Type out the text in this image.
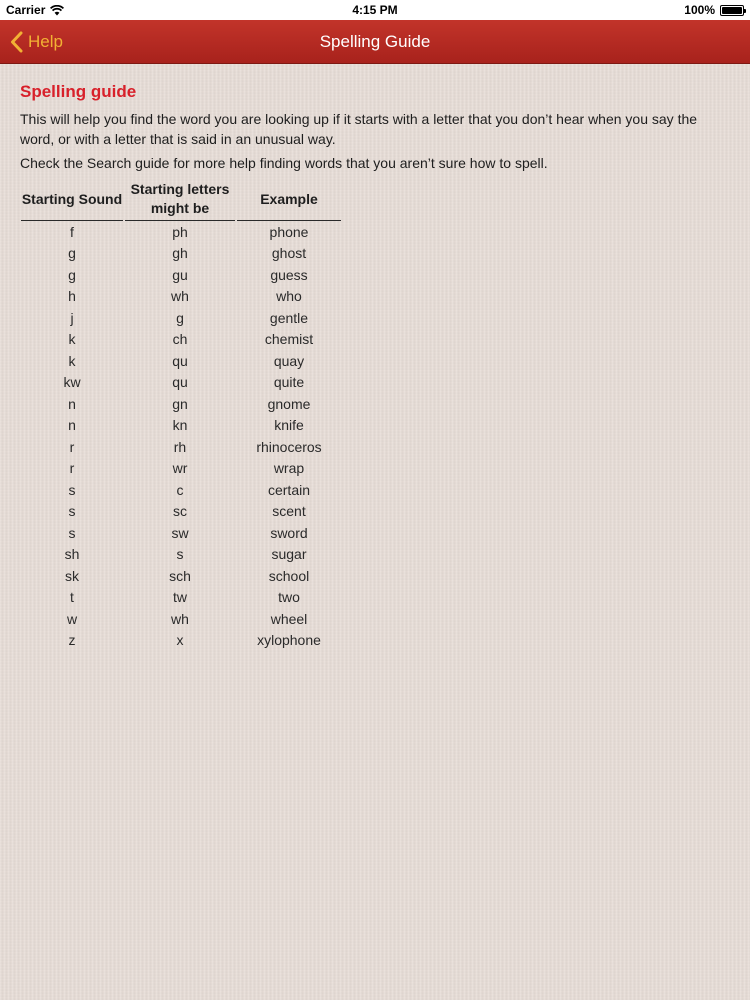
Carrier	4:15 PM	100%
Help	Spelling Guide
Spelling guide

This will help you find the word you are looking up if it starts with a letter that you don’t hear when you say the word, or with a letter that is said in an unusual way.

Check the Search guide for more help finding words that you aren’t sure how to spell.

Starting Sound	Starting letters might be	Example
f	ph	phone
g	gh	ghost
g	gu	guess
h	wh	who
j	g	gentle
k	ch	chemist
k	qu	quay
kw	qu	quite
n	gn	gnome
n	kn	knife
r	rh	rhinoceros
r	wr	wrap
s	c	certain
s	sc	scent
s	sw	sword
sh	s	sugar
sk	sch	school
t	tw	two
w	wh	wheel
z	x	xylophone
